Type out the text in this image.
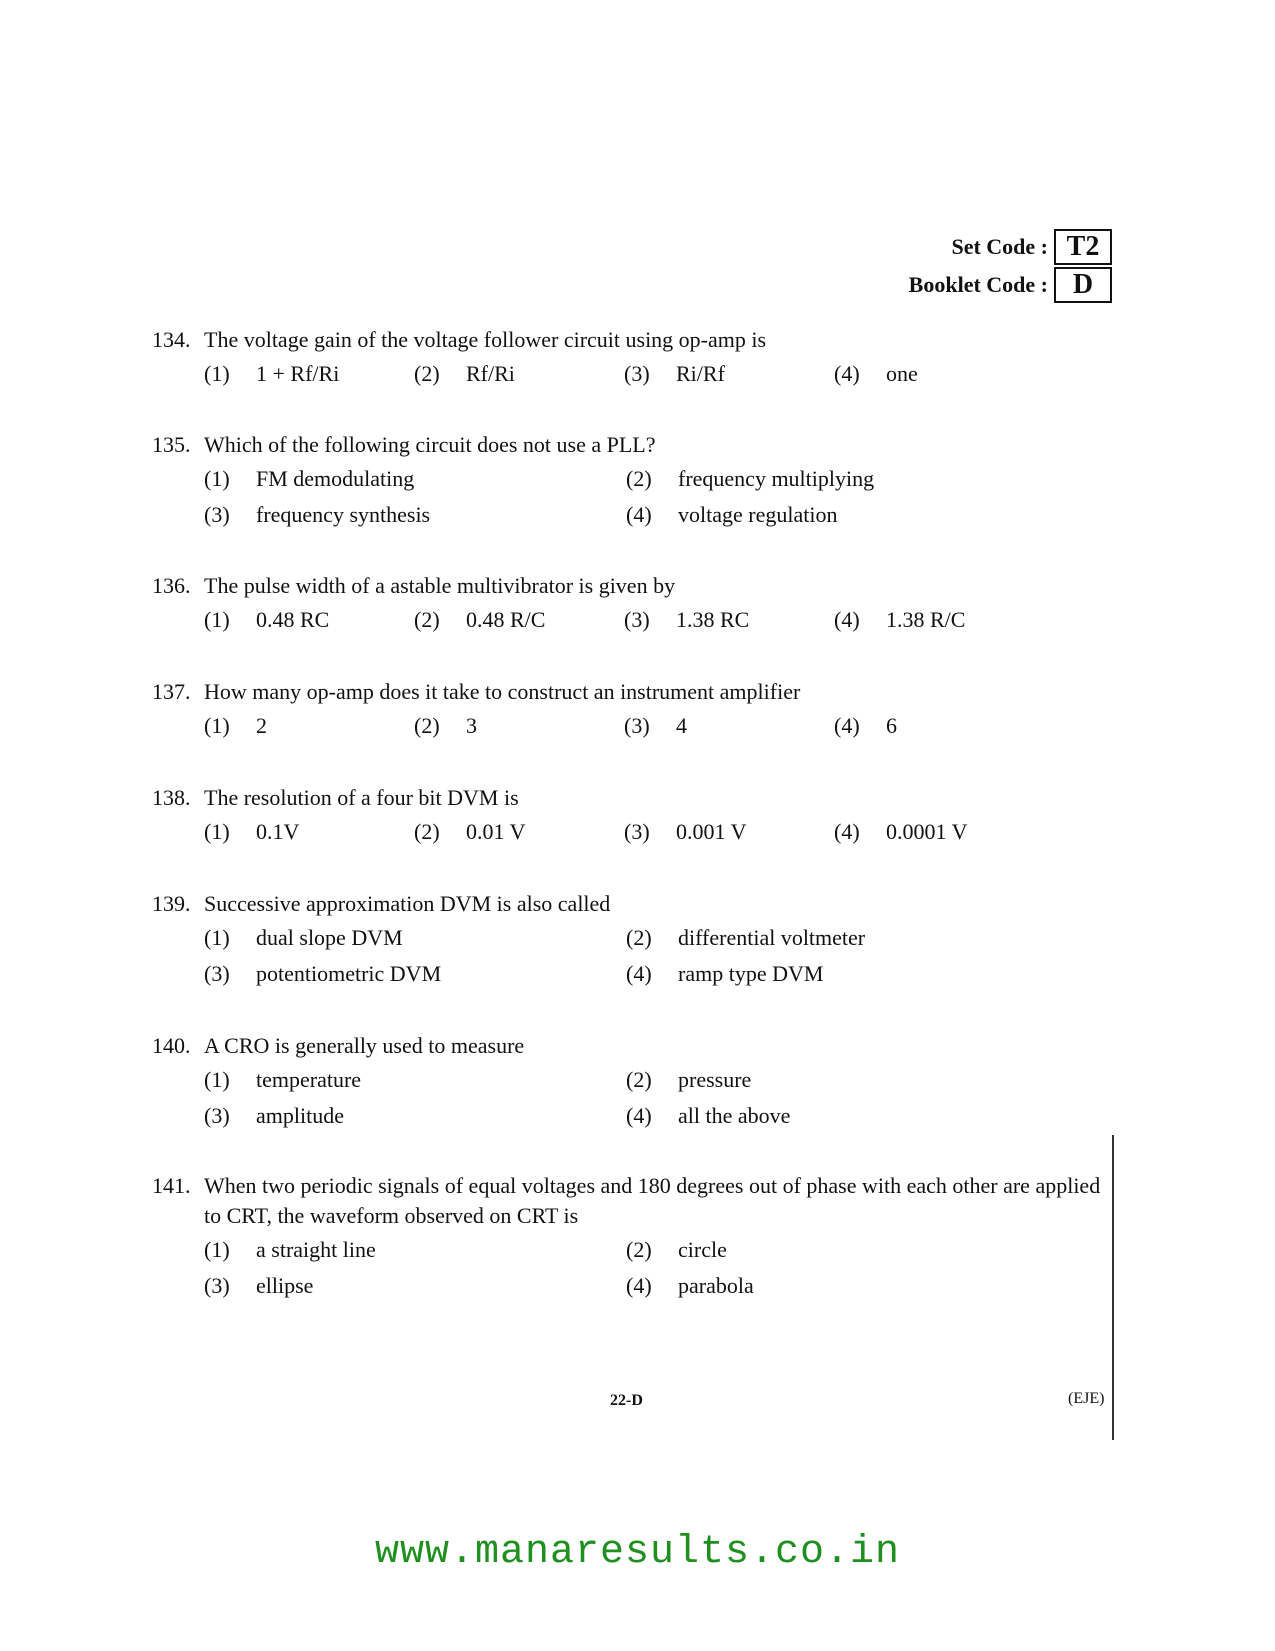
Set Code : T2
Booklet Code : D
134. The voltage gain of the voltage follower circuit using op-amp is
(1)	1 + Rf/Ri	(2)	Rf/Ri	(3)	Ri/Rf	(4)	one
135. Which of the following circuit does not use a PLL?
(1)	FM demodulating	(2)	frequency multiplying
(3)	frequency synthesis	(4)	voltage regulation
136. The pulse width of a astable multivibrator is given by
(1)	0.48 RC	(2)	0.48 R/C	(3)	1.38 RC	(4)	1.38 R/C
137. How many op-amp does it take to construct an instrument amplifier
(1)	2	(2)	3	(3)	4	(4)	6
138. The resolution of a four bit DVM is
(1)	0.1V	(2)	0.01 V	(3)	0.001 V	(4)	0.0001 V
139. Successive approximation DVM is also called
(1)	dual slope DVM	(2)	differential voltmeter
(3)	potentiometric DVM	(4)	ramp type DVM
140. A CRO is generally used to measure
(1)	temperature	(2)	pressure
(3)	amplitude	(4)	all the above
141. When two periodic signals of equal voltages and 180 degrees out of phase with each other are applied to CRT, the waveform observed on CRT is
(1)	a straight line	(2)	circle
(3)	ellipse	(4)	parabola
22-D	(EJE)
www.manaresults.co.in
